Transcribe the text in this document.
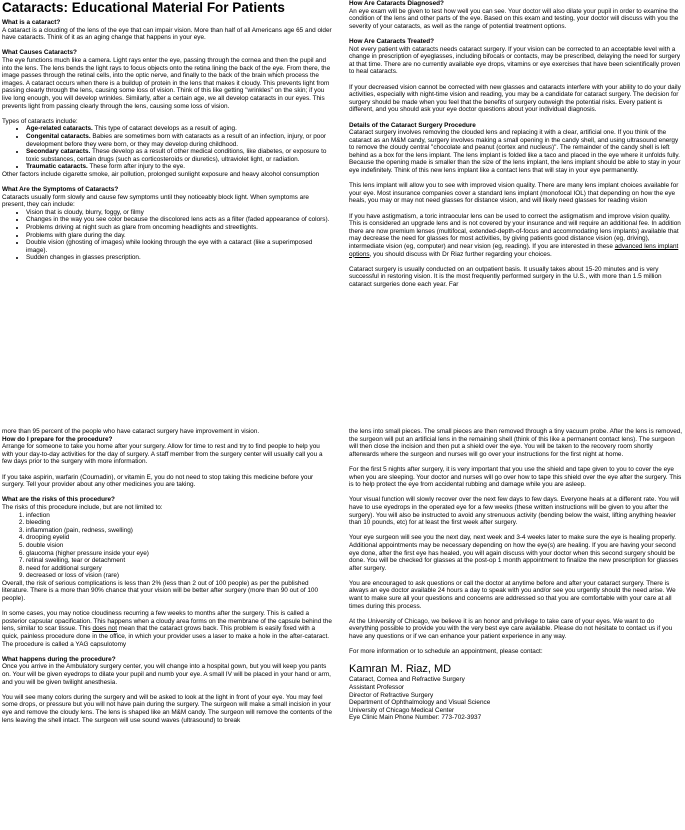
Cataracts: Educational Material For Patients

What is a cataract?

A cataract is a clouding of the lens of the eye that can impair vision. More than half of all Americans age 65 and older have cataracts. Think of it as an aging change that happens in your eye.

What Causes Cataracts?

The eye functions much like a camera. Light rays enter the eye, passing through the cornea and then the pupil and into the lens. The lens bends the light rays to focus objects onto the retina lining the back of the eye. From there, the image passes through the retinal cells, into the optic nerve, and finally to the back of the brain which process the images. A cataract occurs when there is a buildup of protein in the lens that makes it cloudy. This prevents light from passing clearly through the lens, causing some loss of vision. Think of this like getting "wrinkles" on the skin; if you live long enough, you will develop wrinkles. Similarly, after a certain age, we all develop cataracts in our eyes. This prevents light from passing clearly through the lens, causing some loss of vision.

Types of cataracts include:

• Age-related cataracts. This type of cataract develops as a result of aging.
• Congenital cataracts. Babies are sometimes born with cataracts as a result of an infection, injury, or poor development before they were born, or they may develop during childhood.
• Secondary cataracts. These develop as a result of other medical conditions, like diabetes, or exposure to toxic substances, certain drugs (such as corticosteroids or diuretics), ultraviolet light, or radiation.
• Traumatic cataracts. These form after injury to the eye.

Other factors include cigarette smoke, air pollution, prolonged sunlight exposure and heavy alcohol consumption

What Are the Symptoms of Cataracts?

Cataracts usually form slowly and cause few symptoms until they noticeably block light. When symptoms are present, they can include:

• Vision that is cloudy, blurry, foggy, or filmy
• Changes in the way you see color because the discolored lens acts as a filter (faded appearance of colors).
• Problems driving at night such as glare from oncoming headlights and streetlights.
• Problems with glare during the day.
• Double vision (ghosting of images) while looking through the eye with a cataract (like a superimposed image).
• Sudden changes in glasses prescription.

How Are Cataracts Diagnosed?

An eye exam will be given to test how well you can see. Your doctor will also dilate your pupil in order to examine the condition of the lens and other parts of the eye. Based on this exam and testing, your doctor will discuss with you the severity of your cataracts, as well as the range of potential treatment options.

How Are Cataracts Treated?

Not every patient with cataracts needs cataract surgery. If your vision can be corrected to an acceptable level with a change in prescription of eyeglasses, including bifocals or contacts, may be prescribed, delaying the need for surgery at that time. There are no currently available eye drops, vitamins or eye exercises that have been scientifically proven to heal cataracts.

If your decreased vision cannot be corrected with new glasses and cataracts interfere with your ability to do your daily activities, especially with night-time vision and reading, you may be a candidate for cataract surgery. The decision for surgery should be made when you feel that the benefits of surgery outweigh the potential risks. Every patient is different, and you should ask your eye doctor questions about your individual diagnosis.

Details of the Cataract Surgery Procedure

Cataract surgery involves removing the clouded lens and replacing it with a clear, artificial one. If you think of the cataract as an M&M candy, surgery involves making a small opening in the candy shell, and using ultrasound energy to remove the cloudy central "chocolate and peanut (cortex and nucleus)". The remainder of the candy shell is left behind as a box for the lens implant. The lens implant is folded like a taco and placed in the eye where it unfolds fully. Because the opening made is smaller than the size of the lens implant, the lens implant should be able to stay in your eye indefinitely. Think of this new lens implant like a contact lens that will stay in your eye permanently.

This lens implant will allow you to see with improved vision quality. There are many lens implant choices available for your eye. Most insurance companies cover a standard lens implant (monofocal IOL) that depending on how the eye heals, you may or may not need glasses for distance vision, and will likely need glasses for reading vision

If you have astigmatism, a toric intraocular lens can be used to correct the astigmatism and improve vision quality. This is considered an upgrade lens and is not covered by your insurance and will require an additional fee. In addition there are now premium lenses (multifocal, extended-depth-of-focus and accommodating lens implants) available that may decrease the need for glasses for most activities, by giving patients good distance vision (eg, driving), intermediate vision (eg, computer) and near vision (eg, reading). If you are interested in these advanced lens implant options, you should discuss with Dr Riaz further regarding your choices.

Cataract surgery is usually conducted on an outpatient basis. It usually takes about 15-20 minutes and is very successful in restoring vision. It is the most frequently performed surgery in the U.S., with more than 1.5 million cataract surgeries done each year. Far

more than 95 percent of the people who have cataract surgery have improvement in vision.

How do I prepare for the procedure?

Arrange for someone to take you home after your surgery. Allow for time to rest and try to find people to help you with your day-to-day activities for the day of surgery. A staff member from the surgery center will usually call you a few days prior to the surgery with more information.

If you take aspirin, warfarin (Coumadin), or vitamin E, you do not need to stop taking this medicine before your surgery. Tell your provider about any other medicines you are taking.

What are the risks of this procedure?

The risks of this procedure include, but are not limited to:

1. infection
2. bleeding
3. inflammation (pain, redness, swelling)
4. drooping eyelid
5. double vision
6. glaucoma (higher pressure inside your eye)
7. retinal swelling, tear or detachment
8. need for additional surgery
9. decreased or loss of vision (rare)

Overall, the risk of serious complications is less than 2% (less than 2 out of 100 people) as per the published literature. There is a more than 90% chance that your vision will be better after surgery (more than 90 out of 100 people).

In some cases, you may notice cloudiness recurring a few weeks to months after the surgery. This is called a posterior capsular opacification. This happens when a cloudy area forms on the membrane of the capsule behind the lens, similar to scar tissue. This does not mean that the cataract grows back. This problem is easily fixed with a quick, painless procedure done in the office, in which your provider uses a laser to make a hole in the after-cataract. The procedure is called a YAG capsulotomy

What happens during the procedure?

Once you arrive in the Ambulatory surgery center, you will change into a hospital gown, but you will keep you pants on. Your will be given eyedrops to dilate your pupil and numb your eye. A small IV will be placed in your hand or arm, and you will be given twilight anesthesia.

You will see many colors during the surgery and will be asked to look at the light in front of your eye. You may feel some drops, or pressure but you will not have pain during the surgery. The surgeon will make a small incision in your eye and remove the cloudy lens. The lens is shaped like an M&M candy. The surgeon will remove the contents of the lens leaving the shell intact. The surgeon will use sound waves (ultrasound) to break

the lens into small pieces. The small pieces are then removed through a tiny vacuum probe. After the lens is removed, the surgeon will put an artificial lens in the remaining shell (think of this like a permanent contact lens). The surgeon will then close the incision and then put a shield over the eye. You will be taken to the recovery room shortly afterwards where the surgeon and nurses will go over your instructions for the first night at home.

For the first 5 nights after surgery, it is very important that you use the shield and tape given to you to cover the eye when you are sleeping. Your doctor and nurses will go over how to tape this shield over the eye after the surgery. This is to help protect the eye from accidental rubbing and damage while you are asleep.

Your visual function will slowly recover over the next few days to few days. Everyone heals at a different rate. You will have to use eyedrops in the operated eye for a few weeks (these written instructions will be given to you after the surgery). You will also be instructed to avoid any strenuous activity (bending below the waist, lifting anything heavier than 10 pounds, etc) for at least the first week after surgery.

Your eye surgeon will see you the next day, next week and 3-4 weeks later to make sure the eye is healing properly. Additional appointments may be necessary depending on how the eye(s) are healing. If you are having your second eye done, after the first eye has healed, you will again discuss with your doctor when this second surgery should be done. You will be checked for glasses at the post-op 1 month appointment to finalize the new prescription for glasses after surgery.

You are encouraged to ask questions or call the doctor at anytime before and after your cataract surgery. There is always an eye doctor available 24 hours a day to speak with you and/or see you urgently should the need arise. We want to make sure all your questions and concerns are addressed so that you are comfortable with your care at all times during this process.

At the University of Chicago, we believe it is an honor and privilege to take care of your eyes. We want to do everything possible to provide you with the very best eye care available. Please do not hesitate to contact us if you have any questions or if we can enhance your patient experience in any way.

For more information or to schedule an appointment, please contact:

Kamran M. Riaz, MD

Cataract, Cornea and Refractive Surgery

Assistant Professor

Director of Refractive Surgery

Department of Ophthalmology and Visual Science

University of Chicago Medical Center

Eye Clinic Main Phone Number: 773-702-3937
